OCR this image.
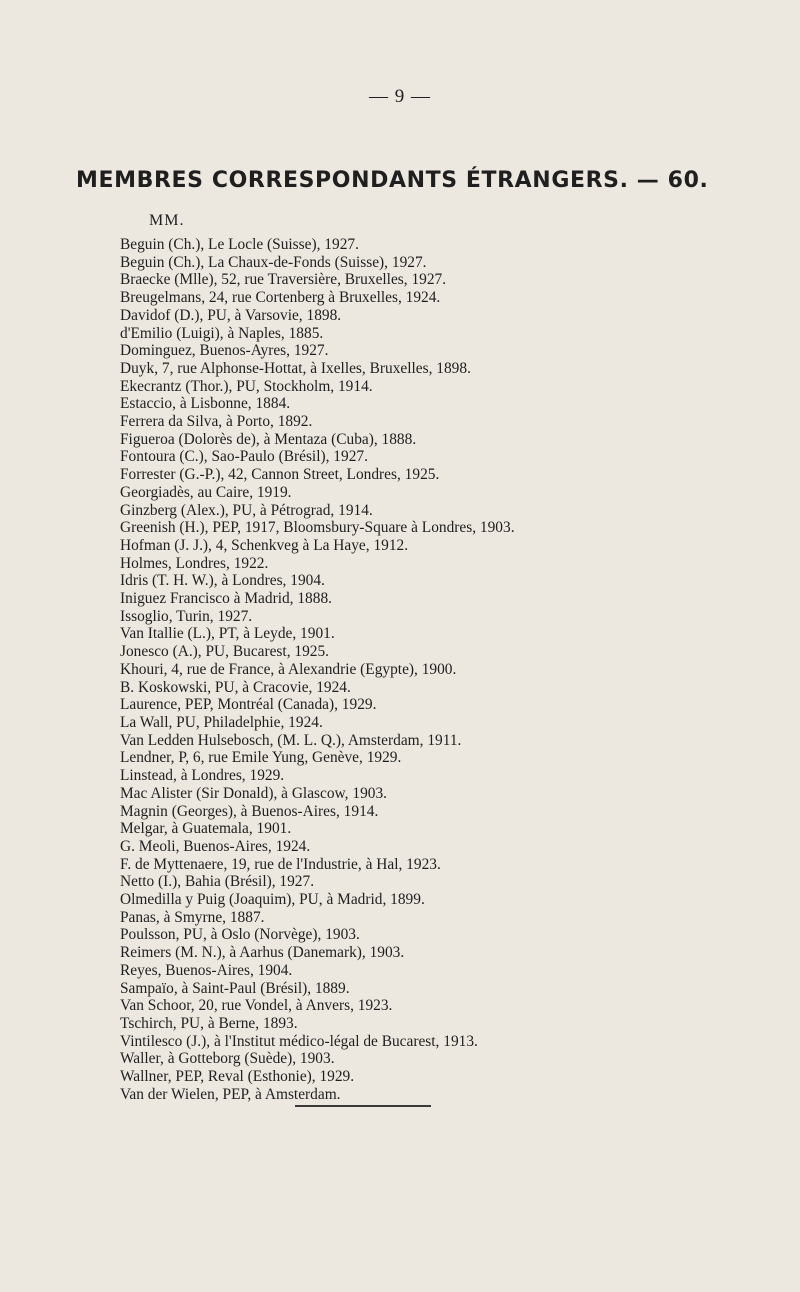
— 9 —
MEMBRES CORRESPONDANTS ÉTRANGERS. — 60.
MM.
Beguin (Ch.), Le Locle (Suisse), 1927.
Beguin (Ch.), La Chaux-de-Fonds (Suisse), 1927.
Braecke (Mlle), 52, rue Traversière, Bruxelles, 1927.
Breugelmans, 24, rue Cortenberg à Bruxelles, 1924.
Davidof (D.), PU, à Varsovie, 1898.
d'Emilio (Luigi), à Naples, 1885.
Dominguez, Buenos-Ayres, 1927.
Duyk, 7, rue Alphonse-Hottat, à Ixelles, Bruxelles, 1898.
Ekecrantz (Thor.), PU, Stockholm, 1914.
Estaccio, à Lisbonne, 1884.
Ferrera da Silva, à Porto, 1892.
Figueroa (Dolorès de), à Mentaza (Cuba), 1888.
Fontoura (C.), Sao-Paulo (Brésil), 1927.
Forrester (G.-P.), 42, Cannon Street, Londres, 1925.
Georgiadès, au Caire, 1919.
Ginzberg (Alex.), PU, à Pétrograd, 1914.
Greenish (H.), PEP, 1917, Bloomsbury-Square à Londres, 1903.
Hofman (J. J.), 4, Schenkveg à La Haye, 1912.
Holmes, Londres, 1922.
Idris (T. H. W.), à Londres, 1904.
Iniguez Francisco à Madrid, 1888.
Issoglio, Turin, 1927.
Van Itallie (L.), PT, à Leyde, 1901.
Jonesco (A.), PU, Bucarest, 1925.
Khouri, 4, rue de France, à Alexandrie (Egypte), 1900.
B. Koskowski, PU, à Cracovie, 1924.
Laurence, PEP, Montréal (Canada), 1929.
La Wall, PU, Philadelphie, 1924.
Van Ledden Hulsebosch, (M. L. Q.), Amsterdam, 1911.
Lendner, P, 6, rue Emile Yung, Genève, 1929.
Linstead, à Londres, 1929.
Mac Alister (Sir Donald), à Glascow, 1903.
Magnin (Georges), à Buenos-Aires, 1914.
Melgar, à Guatemala, 1901.
G. Meoli, Buenos-Aires, 1924.
F. de Myttenaere, 19, rue de l'Industrie, à Hal, 1923.
Netto (I.), Bahia (Brésil), 1927.
Olmedilla y Puig (Joaquim), PU, à Madrid, 1899.
Panas, à Smyrne, 1887.
Poulsson, PU, à Oslo (Norvège), 1903.
Reimers (M. N.), à Aarhus (Danemark), 1903.
Reyes, Buenos-Aires, 1904.
Sampaïo, à Saint-Paul (Brésil), 1889.
Van Schoor, 20, rue Vondel, à Anvers, 1923.
Tschirch, PU, à Berne, 1893.
Vintilesco (J.), à l'Institut médico-légal de Bucarest, 1913.
Waller, à Gotteborg (Suède), 1903.
Wallner, PEP, Reval (Esthonie), 1929.
Van der Wielen, PEP, à Amsterdam.
